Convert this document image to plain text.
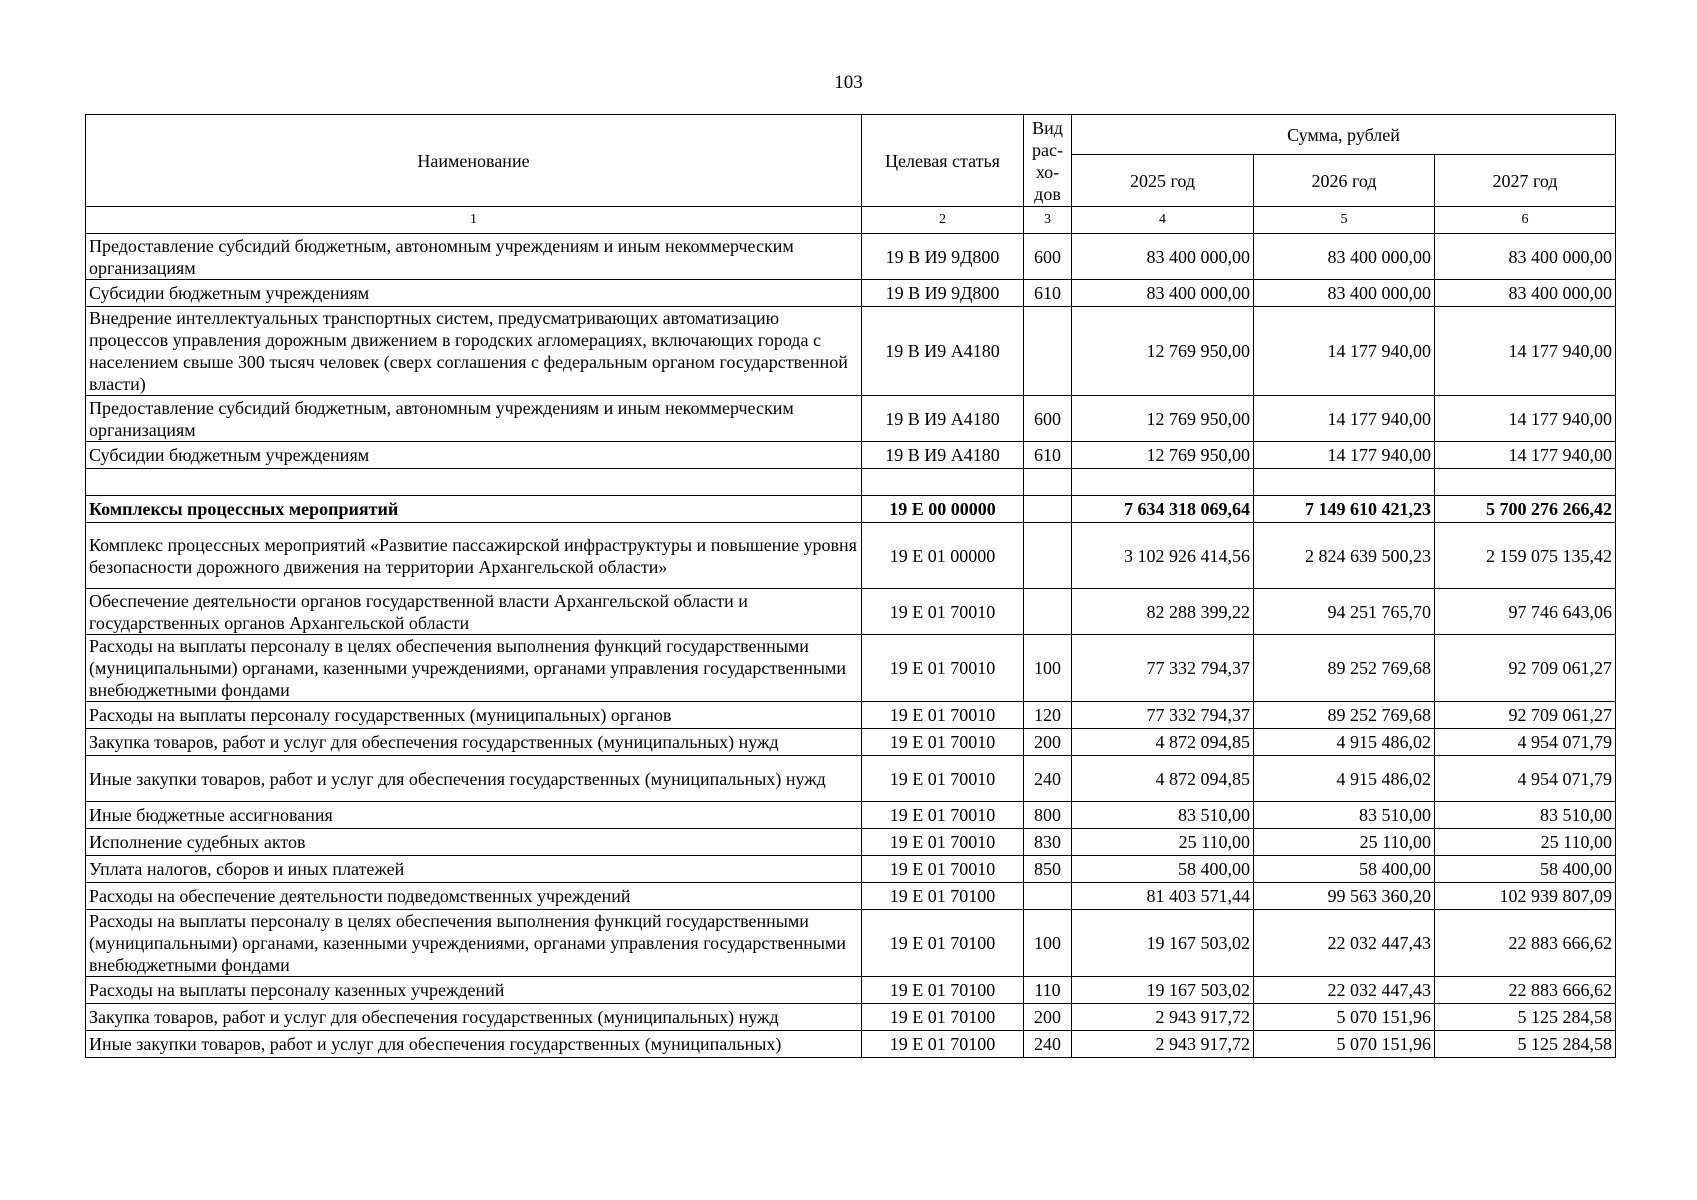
103
Наименование	Целевая статья	Вид рас-хо-дов	Сумма, рублей		
			2025 год	2026 год	2027 год
1	2	3	4	5	6
Предоставление субсидий бюджетным, автономным учреждениям и иным некоммерческим организациям	19 В И9 9Д800	600	83 400 000,00	83 400 000,00	83 400 000,00
Субсидии бюджетным учреждениям	19 В И9 9Д800	610	83 400 000,00	83 400 000,00	83 400 000,00
Внедрение интеллектуальных транспортных систем, предусматривающих автоматизацию процессов управления дорожным движением в городских агломерациях, включающих города с населением свыше 300 тысяч человек (сверх соглашения с федеральным органом государственной власти)	19 В И9 А4180		12 769 950,00	14 177 940,00	14 177 940,00
Предоставление субсидий бюджетным, автономным учреждениям и иным некоммерческим организациям	19 В И9 А4180	600	12 769 950,00	14 177 940,00	14 177 940,00
Субсидии бюджетным учреждениям	19 В И9 А4180	610	12 769 950,00	14 177 940,00	14 177 940,00

Комплексы процессных мероприятий	19 Е 00 00000		7 634 318 069,64	7 149 610 421,23	5 700 276 266,42
Комплекс процессных мероприятий «Развитие пассажирской инфраструктуры и повышение уровня безопасности дорожного движения на территории Архангельской области»	19 Е 01 00000		3 102 926 414,56	2 824 639 500,23	2 159 075 135,42
Обеспечение деятельности органов государственной власти Архангельской области и государственных органов Архангельской области	19 Е 01 70010		82 288 399,22	94 251 765,70	97 746 643,06
Расходы на выплаты персоналу в целях обеспечения выполнения функций государственными (муниципальными) органами, казенными учреждениями, органами управления государственными внебюджетными фондами	19 Е 01 70010	100	77 332 794,37	89 252 769,68	92 709 061,27
Расходы на выплаты персоналу государственных (муниципальных) органов	19 Е 01 70010	120	77 332 794,37	89 252 769,68	92 709 061,27
Закупка товаров, работ и услуг для обеспечения государственных (муниципальных) нужд	19 Е 01 70010	200	4 872 094,85	4 915 486,02	4 954 071,79
Иные закупки товаров, работ и услуг для обеспечения государственных (муниципальных) нужд	19 Е 01 70010	240	4 872 094,85	4 915 486,02	4 954 071,79
Иные бюджетные ассигнования	19 Е 01 70010	800	83 510,00	83 510,00	83 510,00
Исполнение судебных актов	19 Е 01 70010	830	25 110,00	25 110,00	25 110,00
Уплата налогов, сборов и иных платежей	19 Е 01 70010	850	58 400,00	58 400,00	58 400,00
Расходы на обеспечение деятельности подведомственных учреждений	19 Е 01 70100		81 403 571,44	99 563 360,20	102 939 807,09
Расходы на выплаты персоналу в целях обеспечения выполнения функций государственными (муниципальными) органами, казенными учреждениями, органами управления государственными внебюджетными фондами	19 Е 01 70100	100	19 167 503,02	22 032 447,43	22 883 666,62
Расходы на выплаты персоналу казенных учреждений	19 Е 01 70100	110	19 167 503,02	22 032 447,43	22 883 666,62
Закупка товаров, работ и услуг для обеспечения государственных (муниципальных) нужд	19 Е 01 70100	200	2 943 917,72	5 070 151,96	5 125 284,58
Иные закупки товаров, работ и услуг для обеспечения государственных (муниципальных)	19 Е 01 70100	240	2 943 917,72	5 070 151,96	5 125 284,58
